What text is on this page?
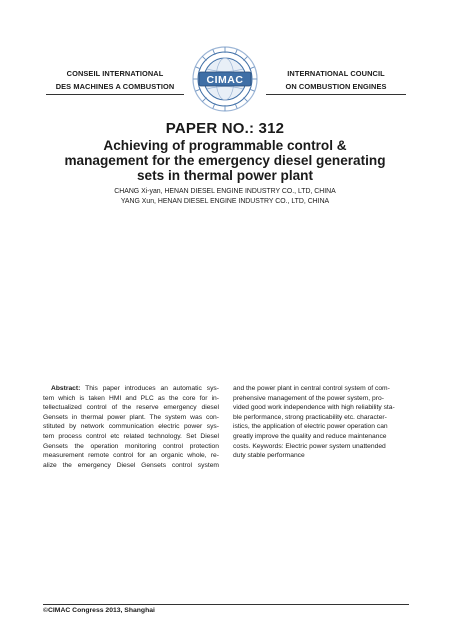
CONSEIL INTERNATIONAL
DES MACHINES A COMBUSTION	CIMAC
INTERNATIONAL COUNCIL
ON COMBUSTION ENGINES
PAPER NO.: 312
Achieving of programmable control &
management for the emergency diesel generating
sets in thermal power plant
CHANG Xi-yan, HENAN DIESEL ENGINE INDUSTRY CO., LTD, CHINA
YANG Xun, HENAN DIESEL ENGINE INDUSTRY CO., LTD, CHINA
Abstract: This paper introduces an automatic sys-
tem which is taken HMI and PLC as the core for in-
tellectualized control of the reserve emergency diesel
Gensets in thermal power plant. The system was con-
stituted by network communication electric power sys-
tem process control etc related technology. Set Diesel
Gensets the operation monitoring control protection
measurement remote control for an organic whole, re-
alize the emergency Diesel Gensets control system
and the power plant in central control system of com-
prehensive management of the power system, pro-
vided good work independence with high reliability sta-
ble performance, strong practicability etc. character-
istics, the application of electric power operation can
greatly improve the quality and reduce maintenance
costs. Keywords: Electric power system unattended
duty stable performance
©CIMAC Congress 2013, Shanghai
